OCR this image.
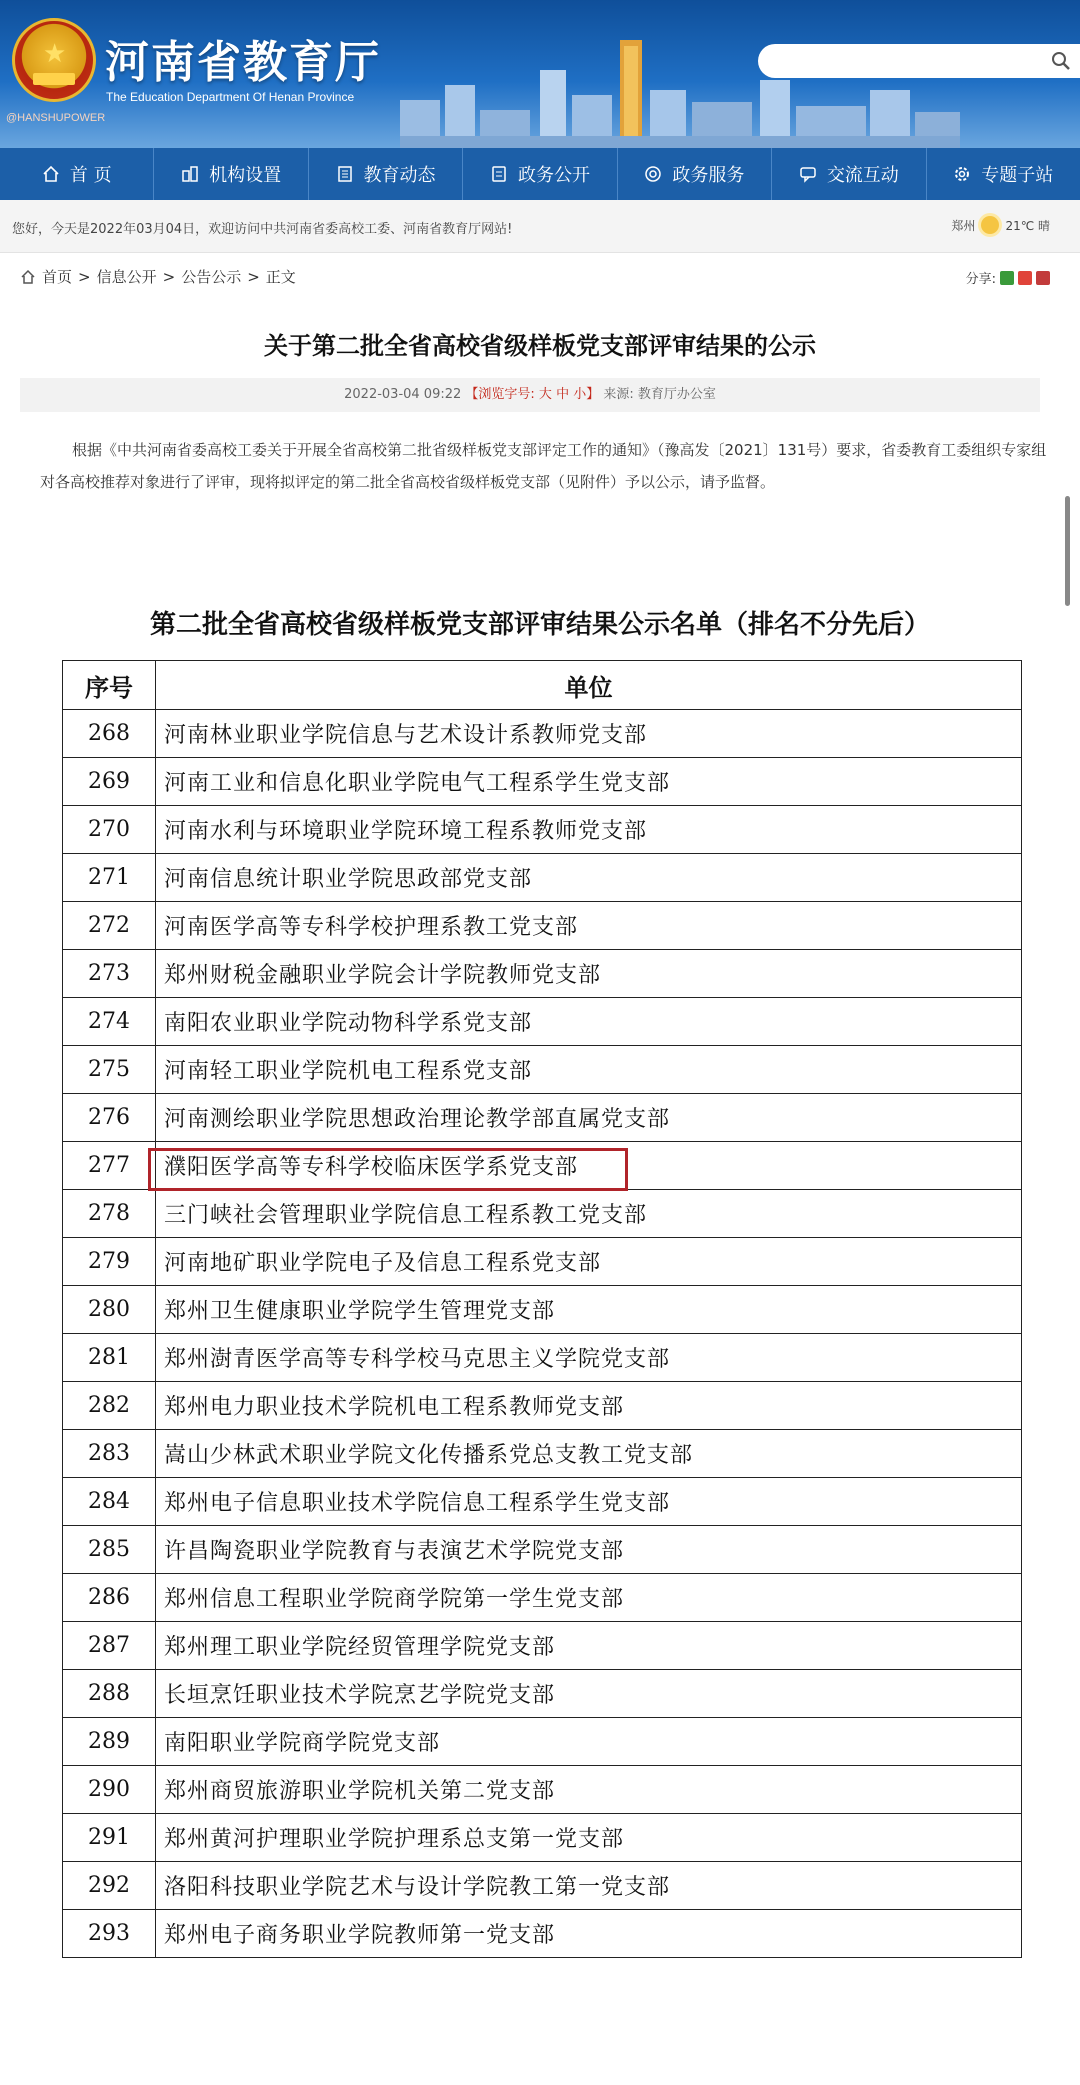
★ 河南省教育厅
The Education Department Of Henan Province
@HANSHUPOWER
首 页	机构设置	教育动态	政务公开	政务服务	交流互动	专题子站
您好，今天是2022年03月04日，欢迎访问中共河南省委高校工委、河南省教育厅网站!	郑州	21℃ 晴
首页 > 信息公开 > 公告公示 > 正文	分享:
关于第二批全省高校省级样板党支部评审结果的公示
2022-03-04 09:22 【浏览字号: 大 中 小】 来源: 教育厅办公室
根据《中共河南省委高校工委关于开展全省高校第二批省级样板党支部评定工作的通知》（豫高发〔2021〕131号）要求，省委教育工委组织专家组对各高校推荐对象进行了评审，现将拟评定的第二批全省高校省级样板党支部（见附件）予以公示，请予监督。
第二批全省高校省级样板党支部评审结果公示名单（排名不分先后）
序号	单位
268	河南林业职业学院信息与艺术设计系教师党支部
269	河南工业和信息化职业学院电气工程系学生党支部
270	河南水利与环境职业学院环境工程系教师党支部
271	河南信息统计职业学院思政部党支部
272	河南医学高等专科学校护理系教工党支部
273	郑州财税金融职业学院会计学院教师党支部
274	南阳农业职业学院动物科学系党支部
275	河南轻工职业学院机电工程系党支部
276	河南测绘职业学院思想政治理论教学部直属党支部
277	濮阳医学高等专科学校临床医学系党支部
278	三门峡社会管理职业学院信息工程系教工党支部
279	河南地矿职业学院电子及信息工程系党支部
280	郑州卫生健康职业学院学生管理党支部
281	郑州澍青医学高等专科学校马克思主义学院党支部
282	郑州电力职业技术学院机电工程系教师党支部
283	嵩山少林武术职业学院文化传播系党总支教工党支部
284	郑州电子信息职业技术学院信息工程系学生党支部
285	许昌陶瓷职业学院教育与表演艺术学院党支部
286	郑州信息工程职业学院商学院第一学生党支部
287	郑州理工职业学院经贸管理学院党支部
288	长垣烹饪职业技术学院烹艺学院党支部
289	南阳职业学院商学院党支部
290	郑州商贸旅游职业学院机关第二党支部
291	郑州黄河护理职业学院护理系总支第一党支部
292	洛阳科技职业学院艺术与设计学院教工第一党支部
293	郑州电子商务职业学院教师第一党支部
